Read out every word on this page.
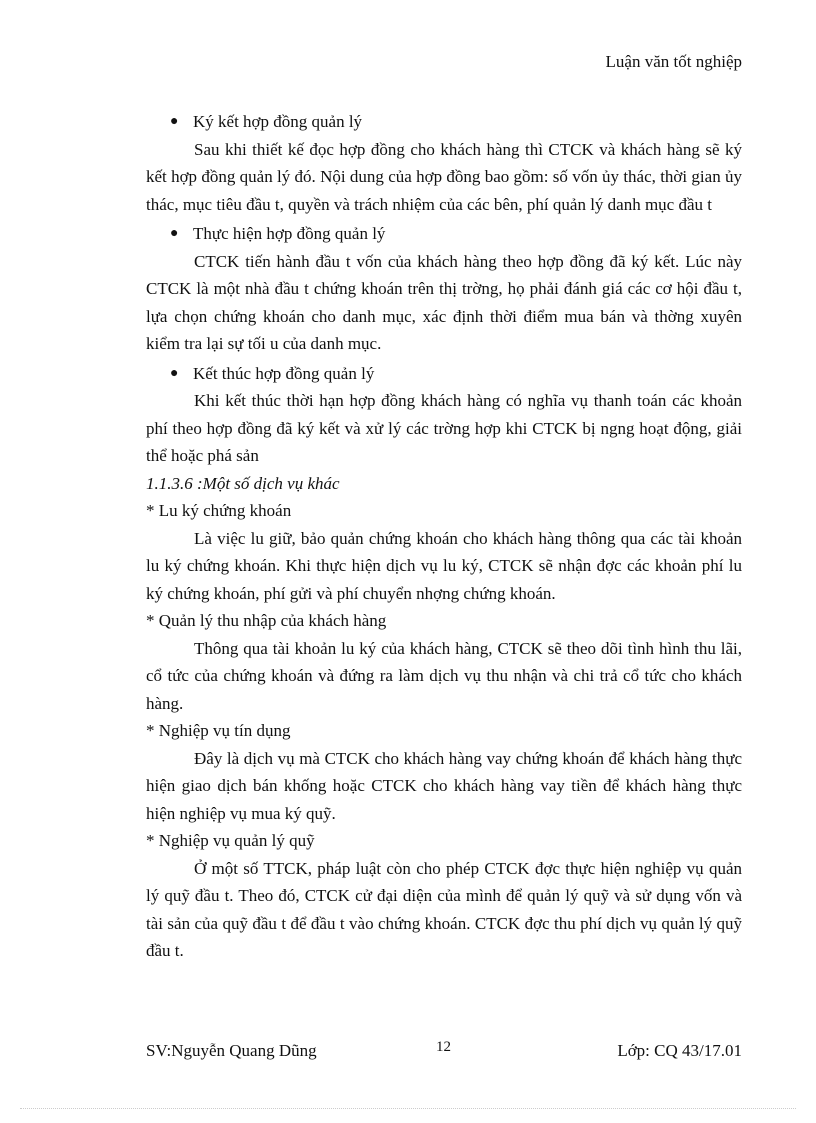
Luận văn tốt nghiệp
● Ký kết hợp đồng quản lý

Sau khi thiết kế đọc hợp đồng cho khách hàng thì CTCK và khách hàng sẽ ký kết hợp đồng quản lý đó. Nội dung của hợp đồng bao gồm: số vốn ủy thác, thời gian ủy thác, mục tiêu đầu t, quyền và trách nhiệm của các bên, phí quản lý danh mục đầu t

● Thực hiện hợp đồng quản lý

CTCK tiến hành đầu t vốn của khách hàng theo hợp đồng đã ký kết. Lúc này CTCK là một nhà đầu t chứng khoán trên thị trờng, họ phải đánh giá các cơ hội đầu t, lựa chọn chứng khoán cho danh mục, xác định thời điểm mua bán và thờng xuyên kiểm tra lại sự tối u của danh mục.

● Kết thúc hợp đồng quản lý

Khi kết thúc thời hạn hợp đồng khách hàng có nghĩa vụ thanh toán các khoản phí theo hợp đồng đã ký kết và xử lý các trờng hợp khi CTCK bị ngng hoạt động, giải thể hoặc phá sản

1.1.3.6 :Một số dịch vụ khác

* Lu ký chứng khoán

Là việc lu giữ, bảo quản chứng khoán cho khách hàng thông qua các tài khoản lu ký chứng khoán. Khi thực hiện dịch vụ lu ký, CTCK sẽ nhận đợc các khoản phí lu ký chứng khoán, phí gửi và phí chuyển nhợng chứng khoán.

* Quản lý thu nhập của khách hàng

Thông qua tài khoản lu ký của khách hàng, CTCK sẽ theo dõi tình hình thu lãi, cổ tức của chứng khoán và đứng ra làm dịch vụ thu nhận và chi trả cổ tức cho khách hàng.

* Nghiệp vụ tín dụng

Đây là dịch vụ mà CTCK cho khách hàng vay chứng khoán để khách hàng thực hiện giao dịch bán khống hoặc CTCK cho khách hàng vay tiền để khách hàng thực hiện nghiệp vụ mua ký quỹ.

* Nghiệp vụ quản lý quỹ

Ở một số TTCK, pháp luật còn cho phép CTCK đợc thực hiện nghiệp vụ quản lý quỹ đầu t. Theo đó, CTCK cử đại diện của mình để quản lý quỹ và sử dụng vốn và tài sản của quỹ đầu t để đầu t vào chứng khoán. CTCK đợc thu phí dịch vụ quản lý quỹ đầu t.

SV:Nguyễn Quang Dũng	12	Lớp: CQ 43/17.01
